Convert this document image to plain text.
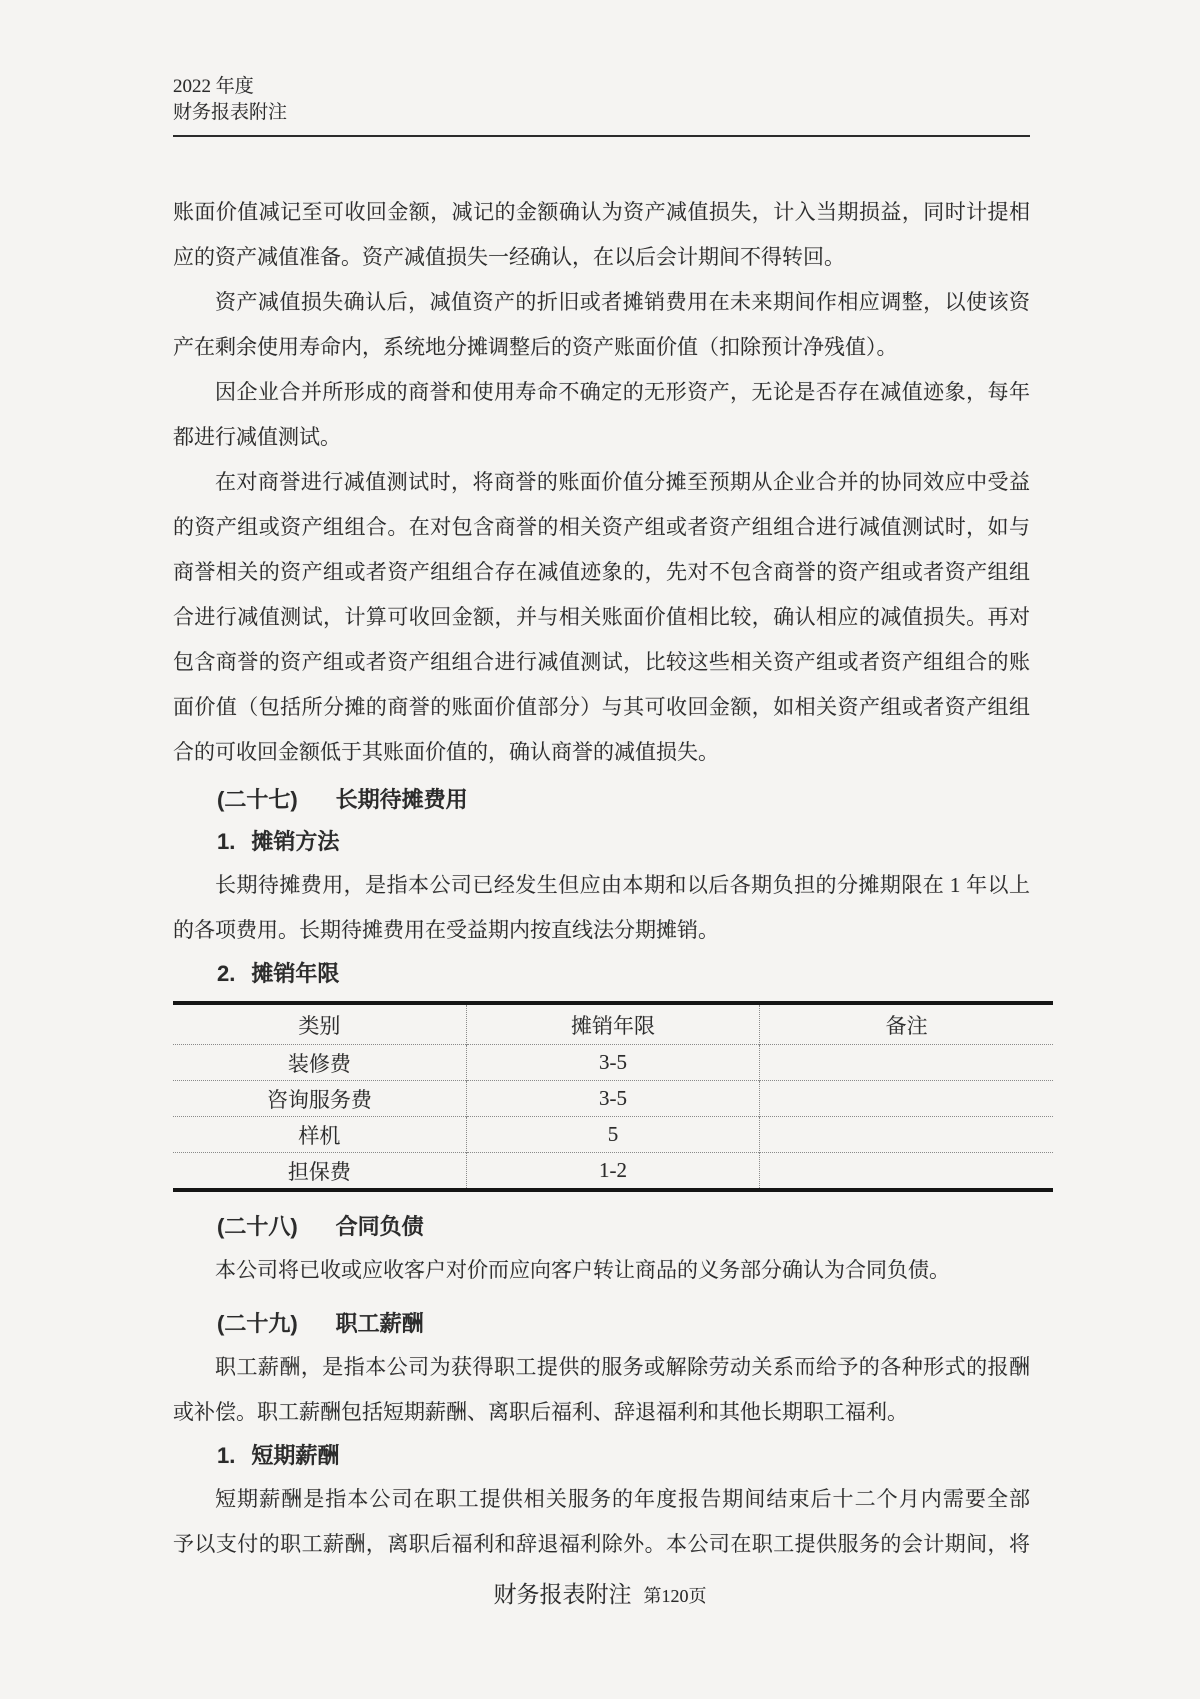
2022 年度
财务报表附注
账面价值减记至可收回金额，减记的金额确认为资产减值损失，计入当期损益，同时计提相
应的资产减值准备。资产减值损失一经确认，在以后会计期间不得转回。
资产减值损失确认后，减值资产的折旧或者摊销费用在未来期间作相应调整，以使该资
产在剩余使用寿命内，系统地分摊调整后的资产账面价值（扣除预计净残值）。
因企业合并所形成的商誉和使用寿命不确定的无形资产，无论是否存在减值迹象，每年
都进行减值测试。
在对商誉进行减值测试时，将商誉的账面价值分摊至预期从企业合并的协同效应中受益
的资产组或资产组组合。在对包含商誉的相关资产组或者资产组组合进行减值测试时，如与
商誉相关的资产组或者资产组组合存在减值迹象的，先对不包含商誉的资产组或者资产组组
合进行减值测试，计算可收回金额，并与相关账面价值相比较，确认相应的减值损失。再对
包含商誉的资产组或者资产组组合进行减值测试，比较这些相关资产组或者资产组组合的账
面价值（包括所分摊的商誉的账面价值部分）与其可收回金额，如相关资产组或者资产组组
合的可收回金额低于其账面价值的，确认商誉的减值损失。
(二十七) 长期待摊费用
1. 摊销方法
长期待摊费用，是指本公司已经发生但应由本期和以后各期负担的分摊期限在 1 年以上
的各项费用。长期待摊费用在受益期内按直线法分期摊销。
2. 摊销年限
类别	摊销年限	备注
装修费	3-5	
咨询服务费	3-5	
样机	5	
担保费	1-2	
(二十八) 合同负债
本公司将已收或应收客户对价而应向客户转让商品的义务部分确认为合同负债。
(二十九) 职工薪酬
职工薪酬，是指本公司为获得职工提供的服务或解除劳动关系而给予的各种形式的报酬
或补偿。职工薪酬包括短期薪酬、离职后福利、辞退福利和其他长期职工福利。
1. 短期薪酬
短期薪酬是指本公司在职工提供相关服务的年度报告期间结束后十二个月内需要全部
予以支付的职工薪酬，离职后福利和辞退福利除外。本公司在职工提供服务的会计期间，将
财务报表附注 第120页
